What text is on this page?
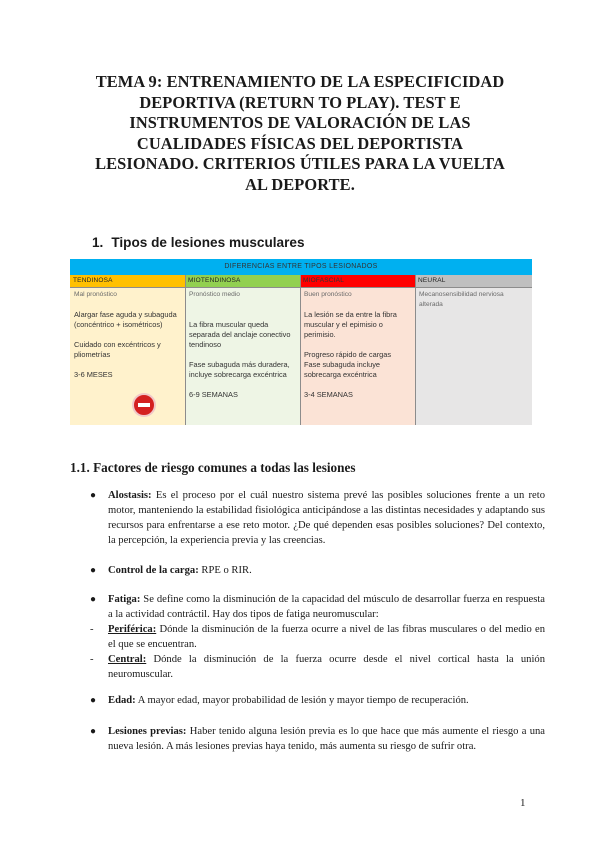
TEMA 9: ENTRENAMIENTO DE LA ESPECIFICIDAD
DEPORTIVA (RETURN TO PLAY). TEST E
INSTRUMENTOS DE VALORACIÓN DE LAS
CUALIDADES FÍSICAS DEL DEPORTISTA
LESIONADO. CRITERIOS ÚTILES PARA LA VUELTA
AL DEPORTE.
1. Tipos de lesiones musculares
DIFERENCIAS ENTRE TIPOS LESIONADOS
TENDINOSA
Mal pronóstico
Alargar fase aguda y subaguda (concéntrico + isométricos)
Cuidado con excéntricos y pliometrías
3-6 MESES
MIOTENDINOSA
Pronóstico medio
La fibra muscular queda separada del anclaje conectivo tendinoso
Fase subaguda más duradera, incluye sobrecarga excéntrica
6-9 SEMANAS
MIOFASCIAL
Buen pronóstico
La lesión se da entre la fibra muscular y el epimisio o perimisio.
Progreso rápido de cargas
Fase subaguda incluye sobrecarga excéntrica
3-4 SEMANAS
NEURAL
Mecanosensibilidad nerviosa alterada
1.1. Factores de riesgo comunes a todas las lesiones
● Alostasis: Es el proceso por el cuál nuestro sistema prevé las posibles soluciones frente a un reto motor, manteniendo la estabilidad fisiológica anticipándose a las distintas necesidades y adaptando sus recursos para enfrentarse a ese reto motor. ¿De qué dependen esas posibles soluciones? Del contexto, la percepción, la experiencia previa y las creencias.
● Control de la carga: RPE o RIR.
● Fatiga: Se define como la disminución de la capacidad del músculo de desarrollar fuerza en respuesta a la actividad contráctil. Hay dos tipos de fatiga neuromuscular:
- Periférica: Dónde la disminución de la fuerza ocurre a nivel de las fibras musculares o del medio en el que se encuentran.
- Central: Dónde la disminución de la fuerza ocurre desde el nivel cortical hasta la unión neuromuscular.
● Edad: A mayor edad, mayor probabilidad de lesión y mayor tiempo de recuperación.
● Lesiones previas: Haber tenido alguna lesión previa es lo que hace que más aumente el riesgo a una nueva lesión. A más lesiones previas haya tenido, más aumenta su riesgo de sufrir otra.
1
